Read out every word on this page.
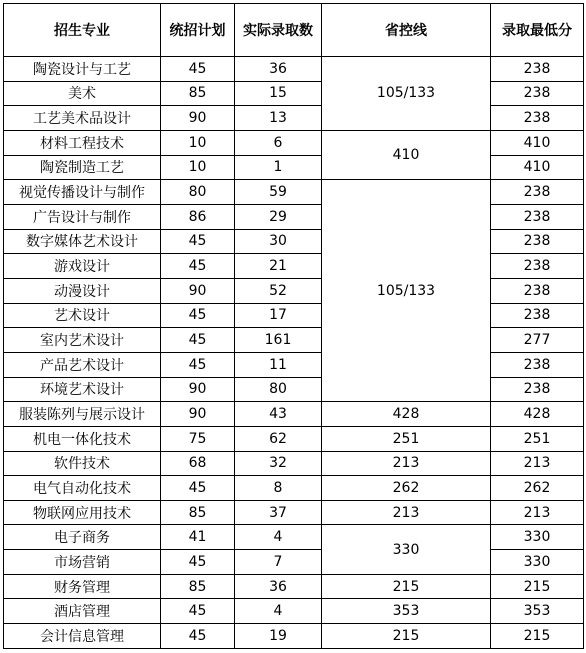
招生专业	统招计划	实际录取数	省控线	录取最低分
陶瓷设计与工艺	45	36	105/133	238
美术	85	15		238
工艺美术品设计	90	13		238
材料工程技术	10	6	410	410
陶瓷制造工艺	10	1		410
视觉传播设计与制作	80	59	105/133	238
广告设计与制作	86	29		238
数字媒体艺术设计	45	30		238
游戏设计	45	21		238
动漫设计	90	52		238
艺术设计	45	17		238
室内艺术设计	45	161		277
产品艺术设计	45	11		238
环境艺术设计	90	80		238
服装陈列与展示设计	90	43	428	428
机电一体化技术	75	62	251	251
软件技术	68	32	213	213
电气自动化技术	45	8	262	262
物联网应用技术	85	37	213	213
电子商务	41	4	330	330
市场营销	45	7		330
财务管理	85	36	215	215
酒店管理	45	4	353	353
会计信息管理	45	19	215	215
